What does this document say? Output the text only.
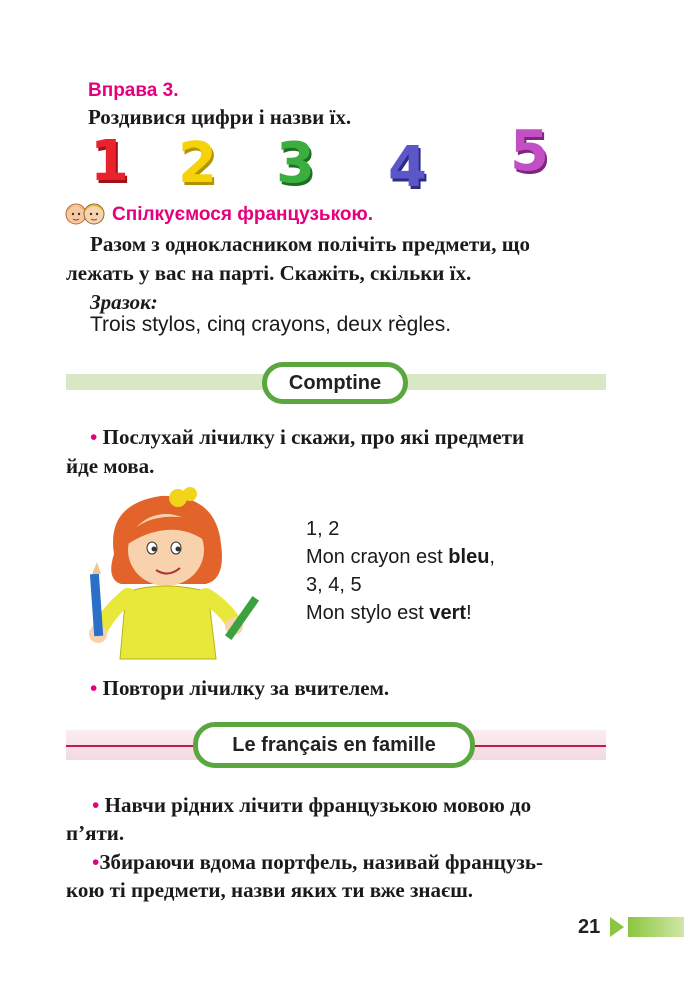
Вправа 3.
Роздивися цифри і назви їх.
1 2 3 4 5
Спілкуємося французькою.
Разом з однокласником полічіть предмети, що
лежать у вас на парті. Скажіть, скільки їх.
Зразок:
Trois stylos, cinq crayons, deux règles.
Comptine
• Послухай лічилку і скажи, про які предмети
йде мова.
1, 2
Mon crayon est bleu,
3, 4, 5
Mon stylo est vert!
• Повтори лічилку за вчителем.
Le français en famille
• Навчи рідних лічити французькою мовою до
п’яти.
•Збираючи вдома портфель, називай французь-
кою ті предмети, назви яких ти вже знаєш.
21
